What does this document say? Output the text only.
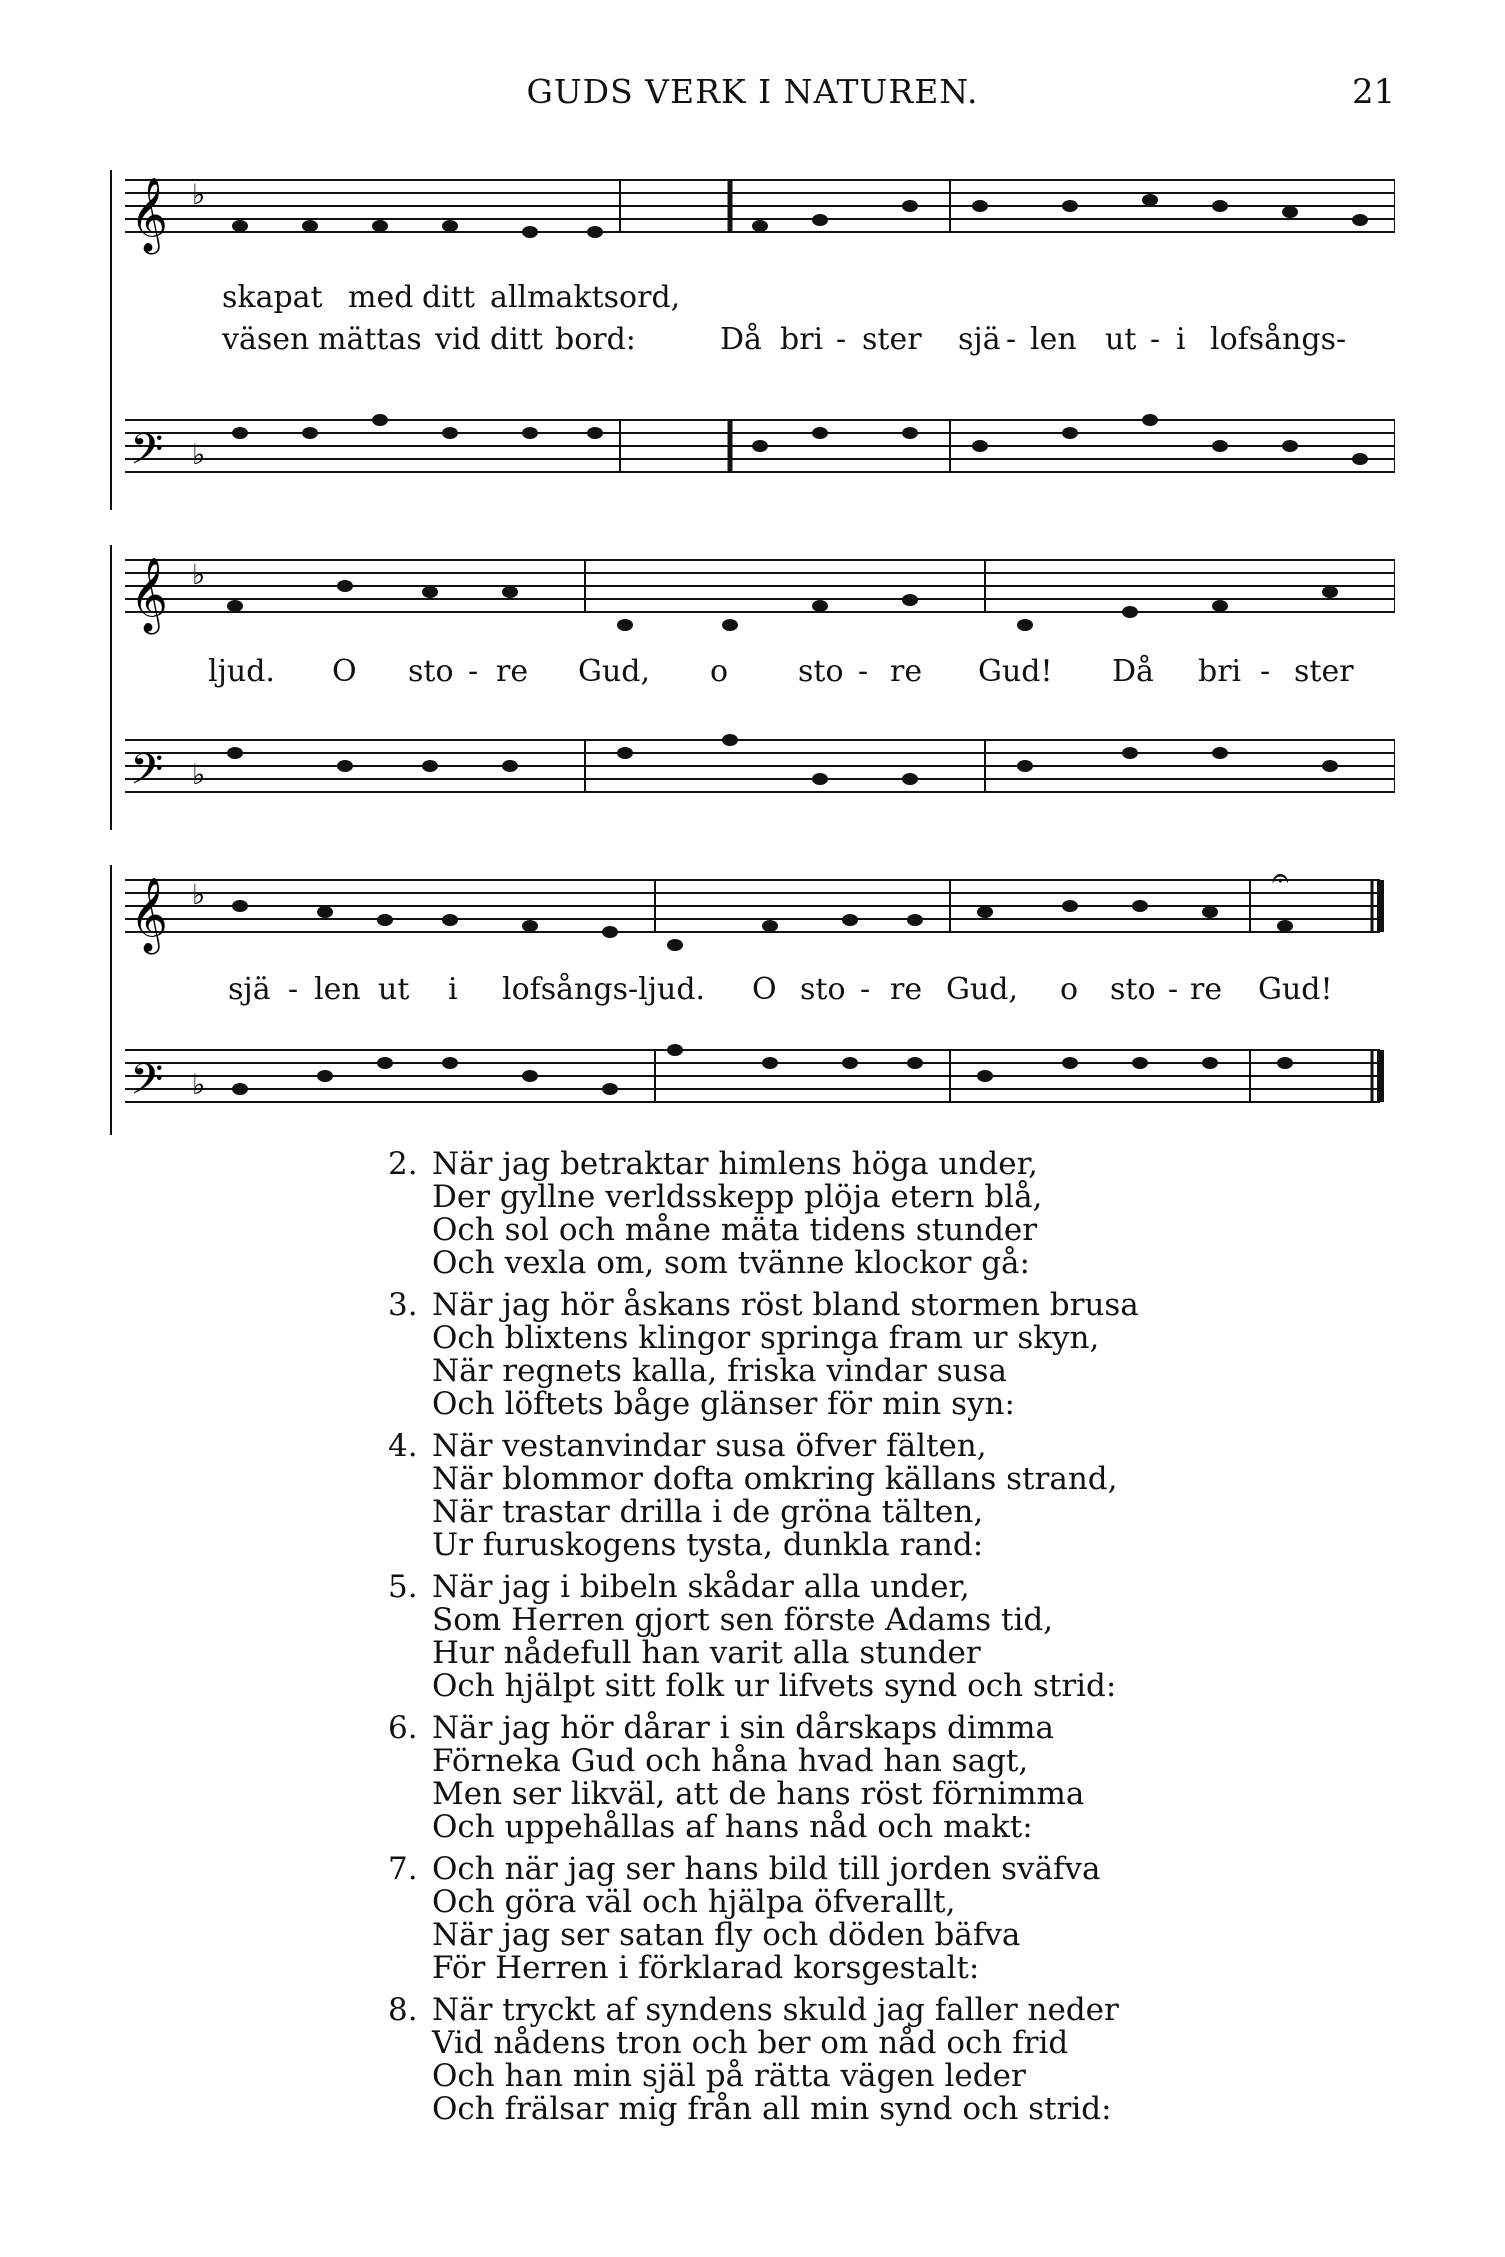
GUDS VERK I NATUREN.	21
𝄞
𝄢
♭
♭
skapat med ditt allmaktsord,
väsen mättas vid ditt bord:	Då bri - ster sjä - len ut - i lofsångs-
𝄞
𝄢
♭
♭
ljud. O sto - re Gud, o sto - re Gud! Då bri - ster
𝄞
𝄢
♭
♭
𝄐
sjä - len ut i lofsångs-ljud. O sto - re Gud, o sto - re Gud!
2. När jag betraktar himlens höga under,
Der gyllne verldsskepp plöja etern blå,
Och sol och måne mäta tidens stunder
Och vexla om, som tvänne klockor gå:
3. När jag hör åskans röst bland stormen brusa
Och blixtens klingor springa fram ur skyn,
När regnets kalla, friska vindar susa
Och löftets båge glänser för min syn:
4. När vestanvindar susa öfver fälten,
När blommor dofta omkring källans strand,
När trastar drilla i de gröna tälten,
Ur furuskogens tysta, dunkla rand:
5. När jag i bibeln skådar alla under,
Som Herren gjort sen förste Adams tid,
Hur nådefull han varit alla stunder
Och hjälpt sitt folk ur lifvets synd och strid:
6. När jag hör dårar i sin dårskaps dimma
Förneka Gud och håna hvad han sagt,
Men ser likväl, att de hans röst förnimma
Och uppehållas af hans nåd och makt:
7. Och när jag ser hans bild till jorden sväfva
Och göra väl och hjälpa öfverallt,
När jag ser satan fly och döden bäfva
För Herren i förklarad korsgestalt:
8. När tryckt af syndens skuld jag faller neder
Vid nådens tron och ber om nåd och frid
Och han min själ på rätta vägen leder
Och frälsar mig från all min synd och strid:
